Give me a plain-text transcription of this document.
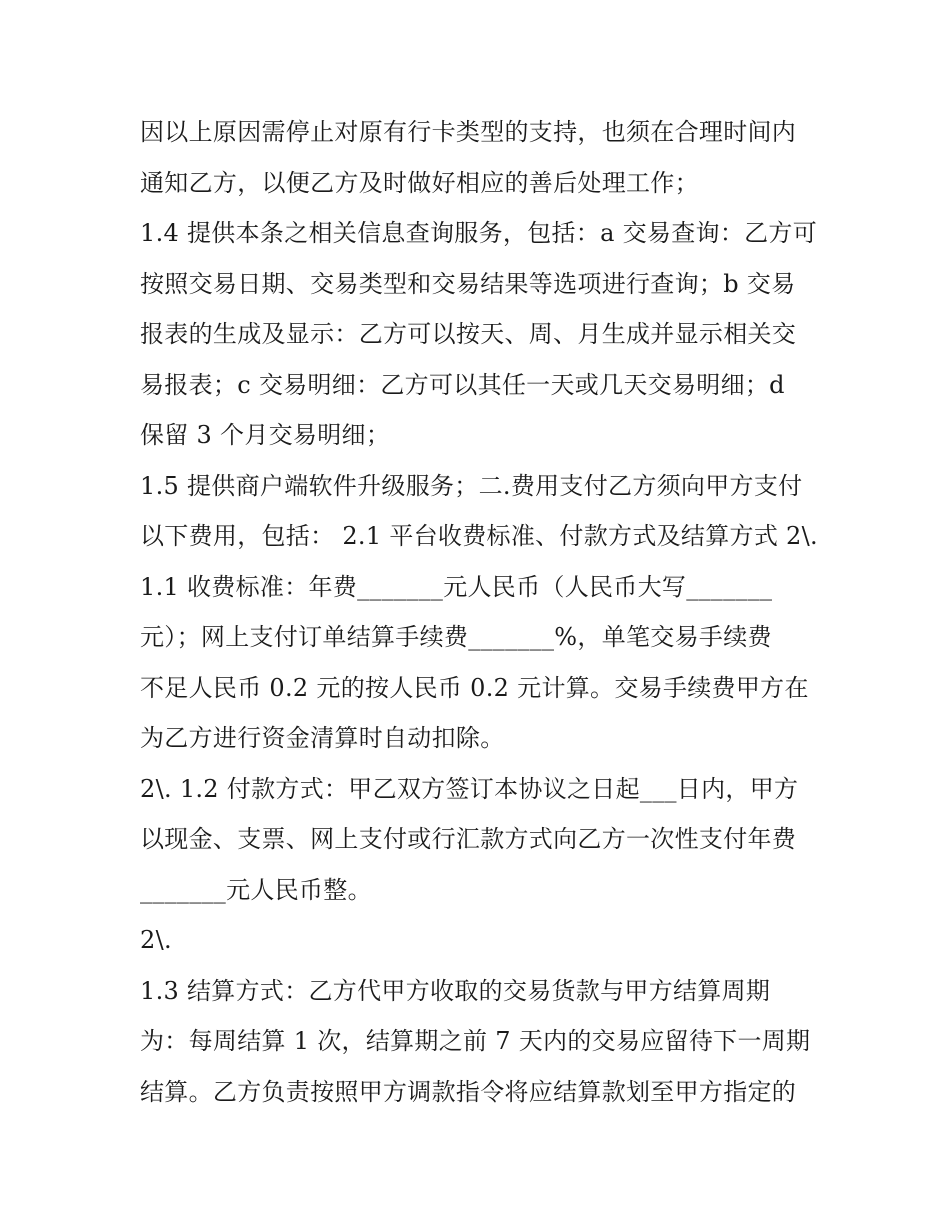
因以上原因需停止对原有行卡类型的支持，也须在合理时间内
通知乙方，以便乙方及时做好相应的善后处理工作；
1.4 提供本条之相关信息查询服务，包括：a 交易查询：乙方可
按照交易日期、交易类型和交易结果等选项进行查询；b 交易
报表的生成及显示：乙方可以按天、周、月生成并显示相关交
易报表；c 交易明细：乙方可以其任一天或几天交易明细；d
保留 3 个月交易明细；
1.5 提供商户端软件升级服务；二.费用支付乙方须向甲方支付
以下费用，包括： 2.1 平台收费标准、付款方式及结算方式 2\.
1.1 收费标准：年费_______元人民币（人民币大写_______
元）；网上支付订单结算手续费_______%，单笔交易手续费
不足人民币 0.2 元的按人民币 0.2 元计算。交易手续费甲方在
为乙方进行资金清算时自动扣除。
2\. 1.2 付款方式：甲乙双方签订本协议之日起___日内，甲方
以现金、支票、网上支付或行汇款方式向乙方一次性支付年费
_______元人民币整。
2\.
1.3 结算方式：乙方代甲方收取的交易货款与甲方结算周期
为：每周结算 1 次，结算期之前 7 天内的交易应留待下一周期
结算。乙方负责按照甲方调款指令将应结算款划至甲方指定的
